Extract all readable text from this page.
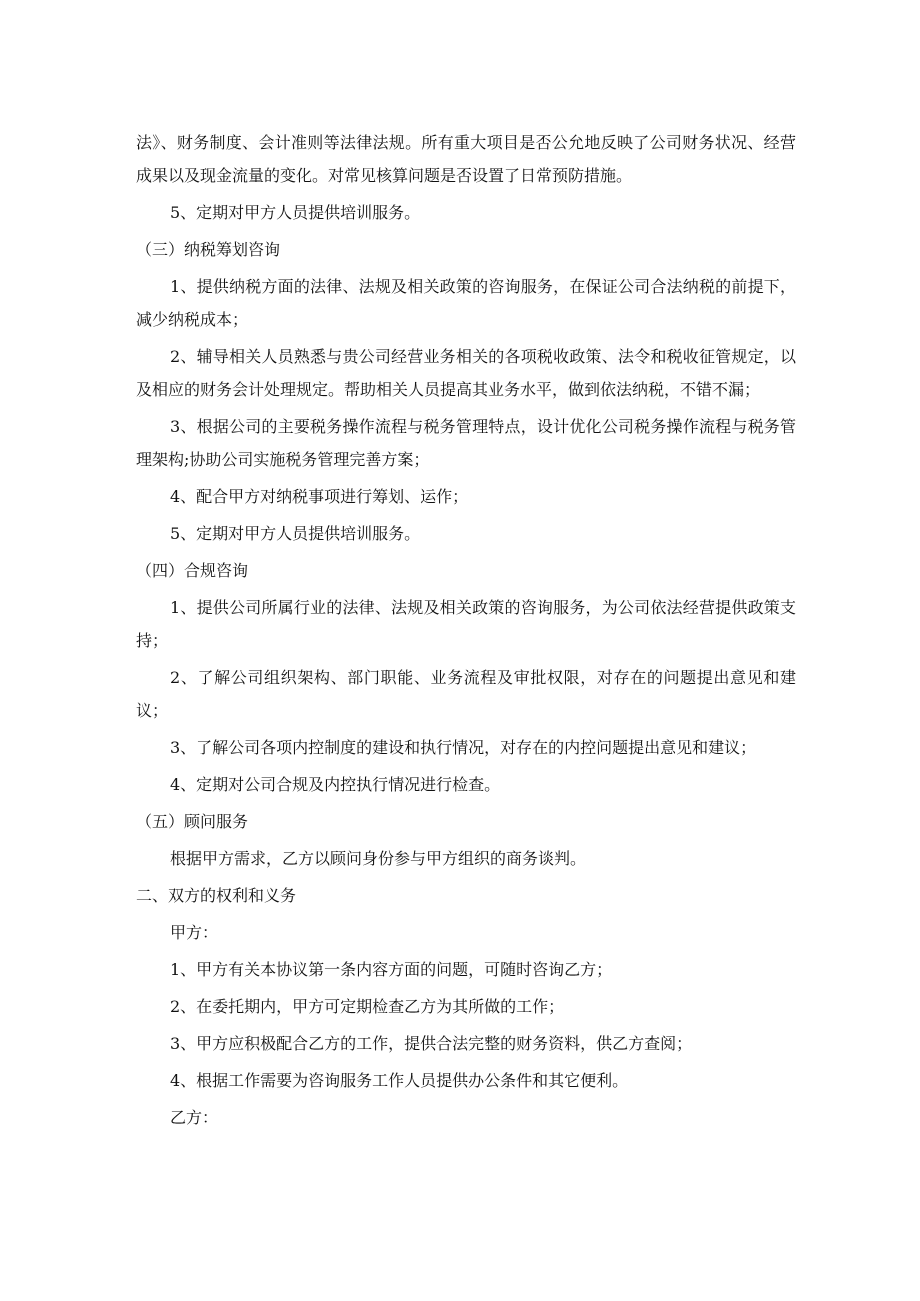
法》、财务制度、会计准则等法律法规。所有重大项目是否公允地反映了公司财务状况、经营成果以及现金流量的变化。对常见核算问题是否设置了日常预防措施。

5、定期对甲方人员提供培训服务。

（三）纳税筹划咨询

1、提供纳税方面的法律、法规及相关政策的咨询服务，在保证公司合法纳税的前提下，减少纳税成本；

2、辅导相关人员熟悉与贵公司经营业务相关的各项税收政策、法令和税收征管规定，以及相应的财务会计处理规定。帮助相关人员提高其业务水平，做到依法纳税，不错不漏；

3、根据公司的主要税务操作流程与税务管理特点，设计优化公司税务操作流程与税务管理架构;协助公司实施税务管理完善方案；

4、配合甲方对纳税事项进行筹划、运作；

5、定期对甲方人员提供培训服务。

（四）合规咨询

1、提供公司所属行业的法律、法规及相关政策的咨询服务，为公司依法经营提供政策支持；

2、了解公司组织架构、部门职能、业务流程及审批权限，对存在的问题提出意见和建议；

3、了解公司各项内控制度的建设和执行情况，对存在的内控问题提出意见和建议；

4、定期对公司合规及内控执行情况进行检查。

（五）顾问服务

根据甲方需求，乙方以顾问身份参与甲方组织的商务谈判。

二、双方的权利和义务

甲方：

1、甲方有关本协议第一条内容方面的问题，可随时咨询乙方；

2、在委托期内，甲方可定期检查乙方为其所做的工作；

3、甲方应积极配合乙方的工作，提供合法完整的财务资料，供乙方查阅；

4、根据工作需要为咨询服务工作人员提供办公条件和其它便利。

乙方：
